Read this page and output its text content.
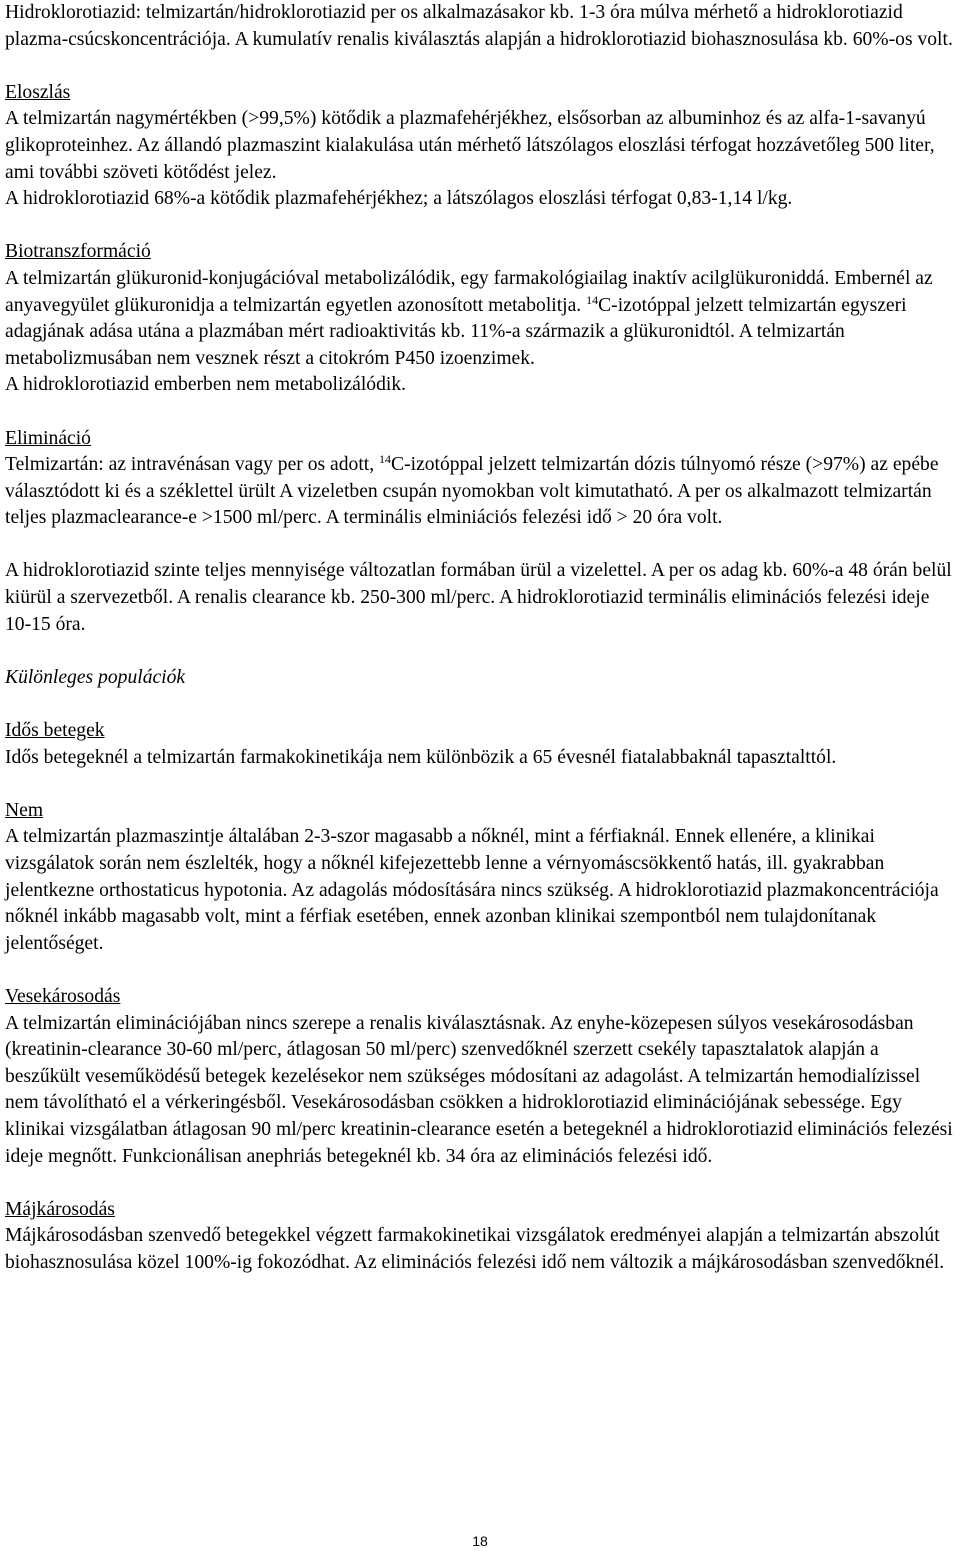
Hidroklorotiazid: telmizartán/hidroklorotiazid per os alkalmazásakor kb. 1-3 óra múlva mérhető a hidroklorotiazid plazma-csúcskoncentrációja. A kumulatív renalis kiválasztás alapján a hidroklorotiazid biohasznosulása kb. 60%-os volt.

Eloszlás

A telmizartán nagymértékben (>99,5%) kötődik a plazmafehérjékhez, elsősorban az albuminhoz és az alfa-1-savanyú glikoproteinhez. Az állandó plazmaszint kialakulása után mérhető látszólagos eloszlási térfogat hozzávetőleg 500 liter, ami további szöveti kötődést jelez.

A hidroklorotiazid 68%-a kötődik plazmafehérjékhez; a látszólagos eloszlási térfogat 0,83-1,14 l/kg.

Biotranszformáció

A telmizartán glükuronid-konjugációval metabolizálódik, egy farmakológiailag inaktív acilglükuroniddá. Embernél az anyavegyület glükuronidja a telmizartán egyetlen azonosított metabolitja. $^{14}$C-izotóppal jelzett telmizartán egyszeri adagjának adása utána a plazmában mért radioaktivitás kb. 11%-a származik a glükuronidtól. A telmizartán metabolizmusában nem vesznek részt a citokróm P450 izoenzimek.

A hidroklorotiazid emberben nem metabolizálódik.

Elimináció

Telmizartán: az intravénásan vagy per os adott, $^{14}$C-izotóppal jelzett telmizartán dózis túlnyomó része (>97%) az epébe választódott ki és a széklettel ürült A vizeletben csupán nyomokban volt kimutatható. A per os alkalmazott telmizartán teljes plazmaclearance-e >1500 ml/perc. A terminális elminiációs felezési idő > 20 óra volt.

A hidroklorotiazid szinte teljes mennyisége változatlan formában ürül a vizelettel. A per os adag kb. 60%-a 48 órán belül kiürül a szervezetből. A renalis clearance kb. 250-300 ml/perc. A hidroklorotiazid terminális eliminációs felezési ideje 10-15 óra.

Különleges populációk

Idős betegek

Idős betegeknél a telmizartán farmakokinetikája nem különbözik a 65 évesnél fiatalabbaknál tapasztalttól.

Nem

A telmizartán plazmaszintje általában 2-3-szor magasabb a nőknél, mint a férfiaknál. Ennek ellenére, a klinikai vizsgálatok során nem észlelték, hogy a nőknél kifejezettebb lenne a vérnyomáscsökkentő hatás, ill. gyakrabban jelentkezne orthostaticus hypotonia. Az adagolás módosítására nincs szükség. A hidroklorotiazid plazmakoncentrációja nőknél inkább magasabb volt, mint a férfiak esetében, ennek azonban klinikai szempontból nem tulajdonítanak jelentőséget.

Vesekárosodás

A telmizartán eliminációjában nincs szerepe a renalis kiválasztásnak. Az enyhe-közepesen súlyos vesekárosodásban (kreatinin-clearance 30-60 ml/perc, átlagosan 50 ml/perc) szenvedőknél szerzett csekély tapasztalatok alapján a beszűkült veseműködésű betegek kezelésekor nem szükséges módosítani az adagolást. A telmizartán hemodialízissel nem távolítható el a vérkeringésből. Vesekárosodásban csökken a hidroklorotiazid eliminációjának sebessége. Egy klinikai vizsgálatban átlagosan 90 ml/perc kreatinin-clearance esetén a betegeknél a hidroklorotiazid eliminációs felezési ideje megnőtt. Funkcionálisan anephriás betegeknél kb. 34 óra az eliminációs felezési idő.

Májkárosodás

Májkárosodásban szenvedő betegekkel végzett farmakokinetikai vizsgálatok eredményei alapján a telmizartán abszolút biohasznosulása közel 100%-ig fokozódhat. Az eliminációs felezési idő nem változik a májkárosodásban szenvedőknél.

18
